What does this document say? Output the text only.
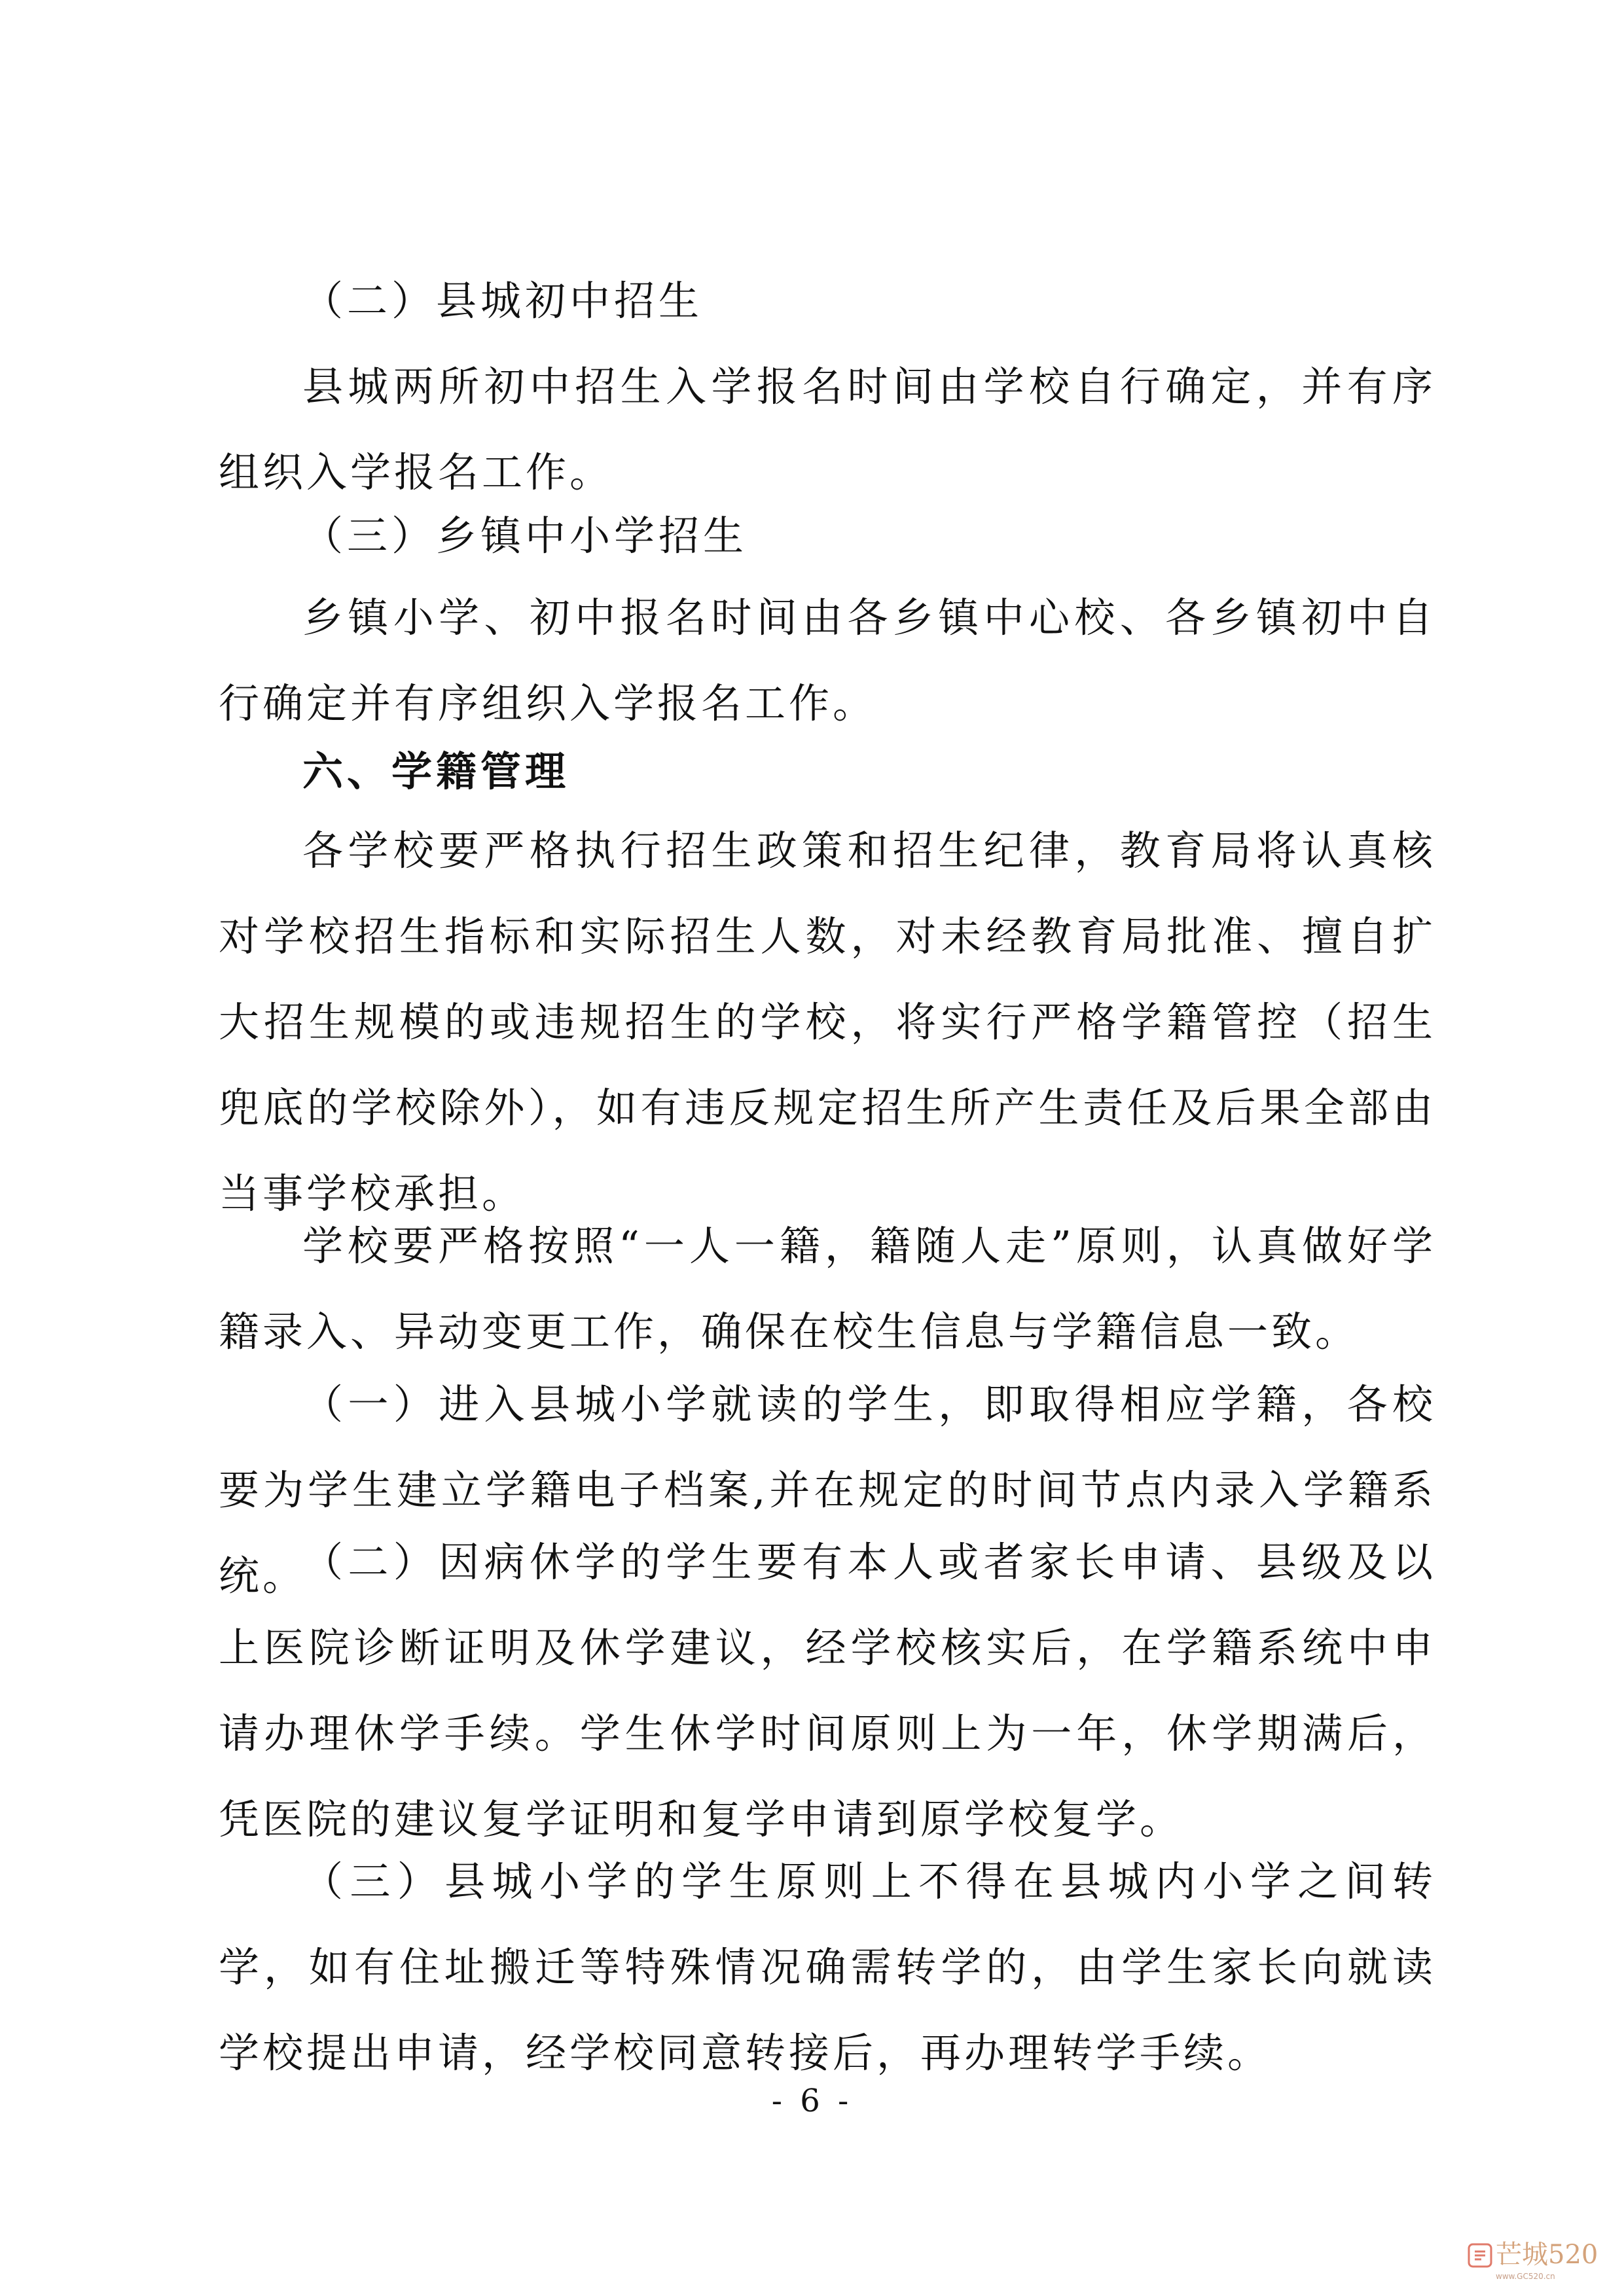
（二）县城初中招生

县城两所初中招生入学报名时间由学校自行确定，并有序组织入学报名工作。

（三）乡镇中小学招生

乡镇小学、初中报名时间由各乡镇中心校、各乡镇初中自行确定并有序组织入学报名工作。

六、学籍管理

各学校要严格执行招生政策和招生纪律，教育局将认真核对学校招生指标和实际招生人数，对未经教育局批准、擅自扩大招生规模的或违规招生的学校，将实行严格学籍管控（招生兜底的学校除外），如有违反规定招生所产生责任及后果全部由当事学校承担。

学校要严格按照“一人一籍，籍随人走”原则，认真做好学籍录入、异动变更工作，确保在校生信息与学籍信息一致。

（一）进入县城小学就读的学生，即取得相应学籍，各校要为学生建立学籍电子档案,并在规定的时间节点内录入学籍系统。

（二）因病休学的学生要有本人或者家长申请、县级及以上医院诊断证明及休学建议，经学校核实后，在学籍系统中申请办理休学手续。学生休学时间原则上为一年，休学期满后，凭医院的建议复学证明和复学申请到原学校复学。

（三）县城小学的学生原则上不得在县城内小学之间转学，如有住址搬迁等特殊情况确需转学的，由学生家长向就读学校提出申请，经学校同意转接后，再办理转学手续。

- 6 -
芒城520
www.GC520.cn
